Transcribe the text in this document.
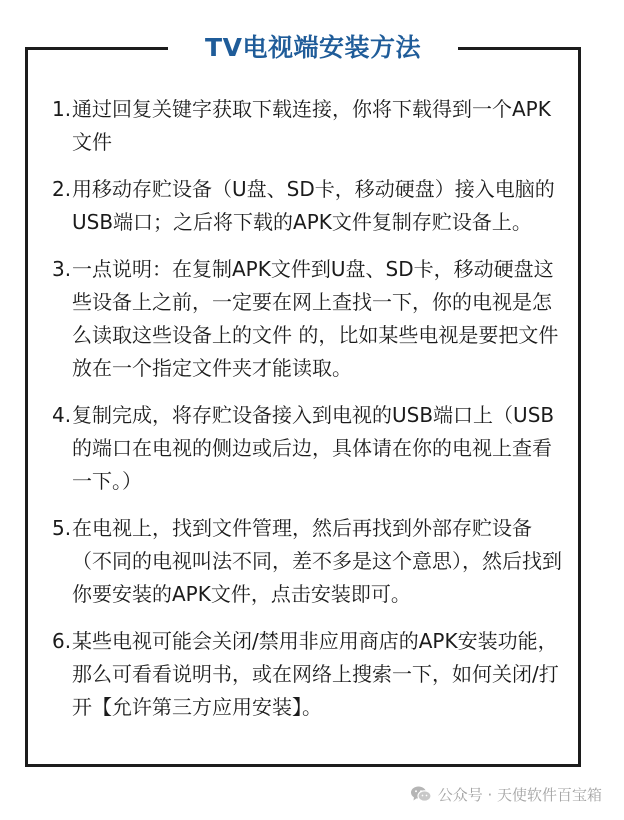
TV电视端安装方法
1. 通过回复关键字获取下载连接，你将下载得到一个APK文件
2. 用移动存贮设备（U盘、SD卡，移动硬盘）接入电脑的USB端口；之后将下载的APK文件复制存贮设备上。
3. 一点说明：在复制APK文件到U盘、SD卡，移动硬盘这些设备上之前，一定要在网上查找一下，你的电视是怎么读取这些设备上的文件 的，比如某些电视是要把文件放在一个指定文件夹才能读取。
4. 复制完成，将存贮设备接入到电视的USB端口上（USB的端口在电视的侧边或后边，具体请在你的电视上查看一下。）
5. 在电视上，找到文件管理，然后再找到外部存贮设备（不同的电视叫法不同，差不多是这个意思），然后找到你要安装的APK文件，点击安装即可。
6. 某些电视可能会关闭/禁用非应用商店的APK安装功能，那么可看看说明书，或在网络上搜索一下，如何关闭/打开【允许第三方应用安装】。
公众号 · 天使软件百宝箱
